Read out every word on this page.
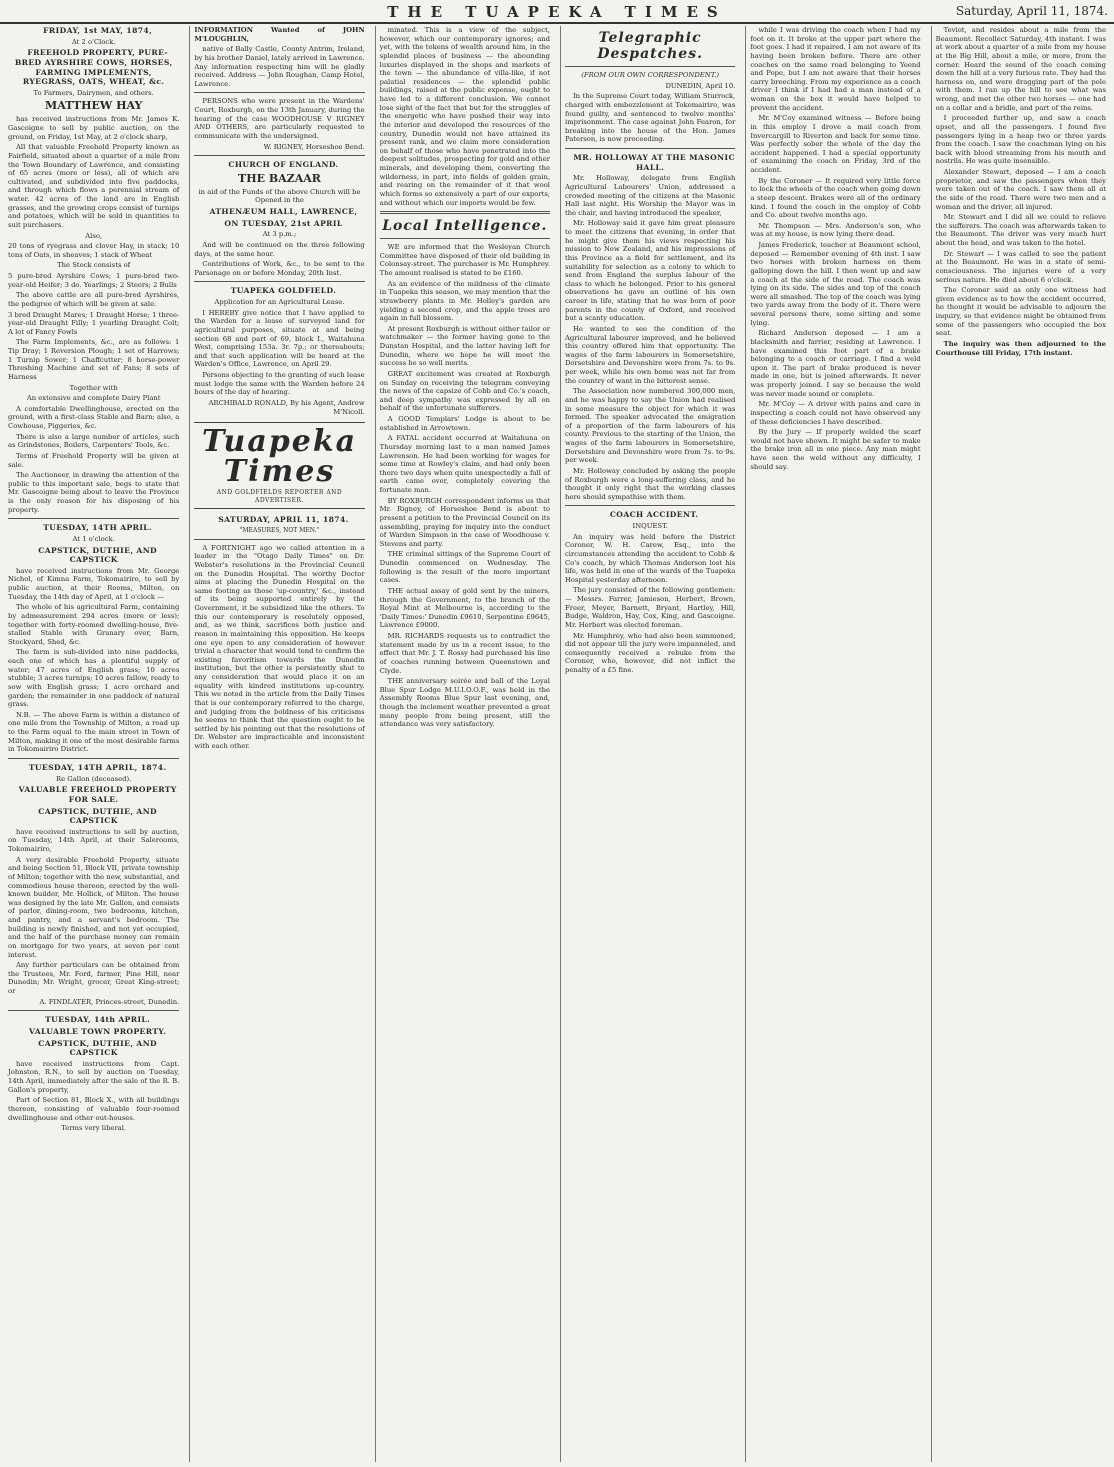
THE TUAPEKA TIMES	Saturday, April 11, 1874.

FRIDAY, 1st MAY, 1874,

At 2 o'Clock.

FREEHOLD PROPERTY, PURE-BRED AYRSHIRE COWS, HORSES, FARMING IMPLEMENTS, RYEGRASS, OATS, WHEAT, &c.

To Farmers, Dairymen, and others.

MATTHEW HAY

has received instructions from Mr. James K. Gascoigne to sell by public auction, on the ground, on Friday, 1st May, at 2 o'clock sharp,

All that valuable Freehold Property known as Fairfield, situated about a quarter of a mile from the Town Boundary of Lawrence, and consisting of 65 acres (more or less), all of which are cultivated, and subdivided into five paddocks, and through which flows a perennial stream of water. 42 acres of the land are in English grasses, and the growing crops consist of turnips and potatoes, which will be sold in quantities to suit purchasers.

Also,

20 tons of ryegrass and clover Hay, in stack; 10 tons of Oats, in sheaves; 1 stack of Wheat

The Stock consists of

5 pure-bred Ayrshire Cows; 1 pure-bred two-year-old Heifer; 3 do. Yearlings; 2 Steers; 2 Bulls

The above cattle are all pure-bred Ayrshires, the pedigree of which will be given at sale.

3 bred Draught Mares; 1 Draught Horse; 1 three-year-old Draught Filly; 1 yearling Draught Colt; A lot of Fancy Fowls

The Farm Implements, &c., are as follows: 1 Tip Dray; 1 Reversion Plough; 1 set of Harrows; 1 Turnip Sower; 1 Chaffcutter; 8 horse-power Threshing Machine and set of Fans; 8 sets of Harness

Together with

An extensive and complete Dairy Plant

A comfortable Dwellinghouse, erected on the ground, with a first-class Stable and Barn; also, a Cowhouse, Piggeries, &c.

There is also a large number of articles, such as Grindstones, Boilers, Carpenters' Tools, &c.

Terms of Freehold Property will be given at sale.

The Auctioneer, in drawing the attention of the public to this important sale, begs to state that Mr. Gascoigne being about to leave the Province is the only reason for his disposing of his property.

TUESDAY, 14TH APRIL.

At 1 o'clock.

CAPSTICK, DUTHIE, AND CAPSTICK

have received instructions from Mr. George Nichol, of Kimna Farm, Tokomairiro, to sell by public auction, at their Rooms, Milton, on Tuesday, the 14th day of April, at 1 o'clock —

The whole of his agricultural Farm, containing by admeasurement 294 acres (more or less); together with forty-roomed dwelling-house, five-stalled Stable with Granary over, Barn, Stockyard, Shed, &c.

The farm is sub-divided into nine paddocks, each one of which has a plentiful supply of water; 47 acres of English grass; 10 acres stubble; 3 acres turnips; 10 acres fallow, ready to sow with English grass; 1 acre orchard and garden; the remainder in one paddock of natural grass.

N.B. — The above Farm is within a distance of one mile from the Township of Milton, a road up to the Farm equal to the main street in Town of Milton, making it one of the most desirable farms in Tokomairiro District.

TUESDAY, 14TH APRIL, 1874.

Re Gallon (deceased).

VALUABLE FREEHOLD PROPERTY FOR SALE.

CAPSTICK, DUTHIE, AND CAPSTICK

have received instructions to sell by auction, on Tuesday, 14th April, at their Salerooms, Tokomairiro,

A very desirable Freehold Property, situate and being Section 51, Block VII, private township of Milton; together with the new, substantial, and commodious house thereon, erected by the well-known builder, Mr. Hollick, of Milton. The house was designed by the late Mr. Gallon, and consists of parlor, dining-room, two bedrooms, kitchen, and pantry, and a servant's bedroom. The building is newly finished, and not yet occupied, and the half of the purchase money can remain on mortgage for two years, at seven per cent interest.

Any further particulars can be obtained from the Trustees, Mr. Ford, farmer, Pine Hill, near Dunedin; Mr. Wright, grocer, Great King-street; or

A. FINDLATER, Princes-street, Dunedin.

TUESDAY, 14th APRIL.

VALUABLE TOWN PROPERTY.

CAPSTICK, DUTHIE, AND CAPSTICK

have received instructions from Capt. Johnston, R.N., to sell by auction on Tuesday, 14th April, immediately after the sale of the R. B. Gallon's property,

Part of Section 81, Block X., with all buildings thereon, consisting of valuable four-roomed dwellinghouse and other out-houses.

Terms very liberal.

INFORMATION Wanted of JOHN M'LOUGHLIN,

native of Bally Castle, County Antrim, Ireland, by his brother Daniel, lately arrived in Lawrence. Any information respecting him will be gladly received. Address — John Roughan, Camp Hotel, Lawrence.

PERSONS who were present in the Wardens' Court, Roxburgh, on the 13th January, during the hearing of the case WOODHOUSE V RIGNEY AND OTHERS, are particularly requested to communicate with the undersigned.

W. RIGNEY, Horseshoe Bend.

CHURCH OF ENGLAND.

THE BAZAAR

in aid of the Funds of the above Church will be Opened in the

ATHENÆUM HALL, LAWRENCE,

ON TUESDAY, 21st APRIL

At 3 p.m.;

And will be continued on the three following days, at the same hour.

Contributions of Work, &c., to be sent to the Parsonage on or before Monday, 20th Inst.

TUAPEKA GOLDFIELD.

Application for an Agricultural Lease.

I HEREBY give notice that I have applied to the Warden for a lease of surveyed land for agricultural purposes, situate at and being section 68 and part of 69, block I., Waitahuna West, comprising 153a. 3r. 7p.; or thereabouts; and that such application will be heard at the Warden's Office, Lawrence, on April 29.

Persons objecting to the granting of such lease must lodge the same with the Warden before 24 hours of the day of hearing.

ARCHIBALD RONALD, By his Agent, Andrew M'Nicoll.

Tuapeka Times
AND GOLDFIELDS REPORTER AND ADVERTISER.

SATURDAY, APRIL 11, 1874.

"MEASURES, NOT MEN."

A FORTNIGHT ago we called attention in a leader in the "Otago Daily Times" on Dr. Webster's resolutions in the Provincial Council on the Dunedin Hospital. The worthy Doctor aims at placing the Dunedin Hospital on the same footing as those 'up-country,' &c., instead of its being supported entirely by the Government, it be subsidized like the others. To this our contemporary is resolutely opposed, and, as we think, sacrifices both justice and reason in maintaining this opposition. He keeps one eye open to any consideration of however trivial a character that would tend to confirm the existing favoritism towards the Dunedin institution, but the other is persistently shut to any consideration that would place it on an equality with kindred institutions up-country. This we noted in the article from the Daily Times that is our contemporary referred to the charge, and judging from the boldness of his criticisms he seems to think that the question ought to be settled by his pointing out that the resolutions of Dr. Webster are impracticable and inconsistent with each other.

minated. This is a view of the subject, however, which our contemporary ignores; and yet, with the tokens of wealth around him, in the splendid places of business — the abounding luxuries displayed in the shops and markets of the town — the abundance of villa-like, if not palatial residences — the splendid public buildings, raised at the public expense, ought to have led to a different conclusion. We cannot lose sight of the fact that but for the struggles of the energetic who have pushed their way into the interior and developed the resources of the country, Dunedin would not have attained its present rank, and we claim more consideration on behalf of those who have penetrated into the deepest solitudes, prospecting for gold and other minerals, and developing them, converting the wilderness, in part, into fields of golden grain, and rearing on the remainder of it that wool which forms so extensively a part of our exports, and without which our imports would be few.

Local Intelligence.

WE are informed that the Wesleyan Church Committee have disposed of their old building in Colonsay-street. The purchaser is Mr. Humphrey. The amount realised is stated to be £160.

As an evidence of the mildness of the climate in Tuapeka this season, we may mention that the strawberry plants in Mr. Holley's garden are yielding a second crop, and the apple trees are again in full blossom.

At present Roxburgh is without either tailor or watchmaker — the former having gone to the Dunstan Hospital, and the latter having left for Dunedin, where we hope he will meet the success he so well merits.

GREAT excitement was created at Roxburgh on Sunday on receiving the telegram conveying the news of the capsize of Cobb and Co.'s coach, and deep sympathy was expressed by all on behalf of the unfortunate sufferers.

A GOOD Templars' Lodge is about to be established in Arrowtown.

A FATAL accident occurred at Waitahuna on Thursday morning last to a man named James Lawrenson. He had been working for wages for some time at Rowley's claim, and had only been there two days when quite unexpectedly a fall of earth came over, completely covering the fortunate man.

BY ROXBURGH correspondent informs us that Mr. Rigney, of Horseshoe Bend is about to present a petition to the Provincial Council on its assembling, praying for inquiry into the conduct of Warden Simpson in the case of Woodhouse v. Stevens and party.

THE criminal sittings of the Supreme Court of Dunedin commenced on Wednesday. The following is the result of the more important cases.

THE actual assay of gold sent by the miners, through the Government, to the branch of the Royal Mint at Melbourne is, according to the 'Daily Times:' Dunedin £9610, Serpentine £9645, Lawrence £9000.

MR. RICHARDS requests us to contradict the statement made by us in a recent issue, to the effect that Mr. J. T. Rossy had purchased his line of coaches running between Queenstown and Clyde.

THE anniversary soirée and ball of the Loyal Blue Spur Lodge M.U.I.O.O.F., was held in the Assembly Rooms Blue Spur last evening, and, though the inclement weather prevented a great many people from being present, still the attendance was very satisfactory.

Telegraphic Despatches.

(FROM OUR OWN CORRESPONDENT.)

DUNEDIN, April 10.

In the Supreme Court today, William Sturrock, charged with embezzlement at Tokomairiro, was found guilty, and sentenced to twelve months' imprisonment. The case against John Fearon, for breaking into the house of the Hon. James Paterson, is now proceeding.

MR. HOLLOWAY AT THE MASONIC HALL.

Mr. Holloway, delegate from English Agricultural Labourers' Union, addressed a crowded meeting of the citizens at the Masonic Hall last night. His Worship the Mayor was in the chair, and having introduced the speaker,

Mr. Holloway said it gave him great pleasure to meet the citizens that evening, in order that he might give them his views respecting his mission to New Zealand, and his impressions of this Province as a field for settlement, and its suitability for selection as a colony to which to send from England the surplus labour of the class to which he belonged. Prior to his general observations he gave an outline of his own career in life, stating that he was born of poor parents in the county of Oxford, and received but a scanty education.

He wanted to see the condition of the Agricultural labourer improved, and he believed this country offered him that opportunity. The wages of the farm labourers in Somersetshire, Dorsetshire and Devonshire were from 7s. to 9s. per week, while his own home was not far from the country of want in the bitterest sense.

The Association now numbered 300,000 men, and he was happy to say the Union had realised in some measure the object for which it was formed. The speaker advocated the emigration of a proportion of the farm labourers of his county. Previous to the starting of the Union, the wages of the farm labourers in Somersetshire, Dorsetshire and Devonshire were from 7s. to 9s. per week.

Mr. Holloway concluded by asking the people of Roxburgh were a long-suffering class, and he thought it only right that the working classes here should sympathise with them.

COACH ACCIDENT.

INQUEST.

An inquiry was held before the District Coroner, W. H. Carew, Esq., into the circumstances attending the accident to Cobb & Co's coach, by which Thomas Anderson lost his life, was held in one of the wards of the Tuapeka Hospital yesterday afternoon.

The jury consisted of the following gentlemen: — Messrs. Farrer, Jamieson, Herbert, Brown, Freer, Meyer, Barnett, Bryant, Hartley, Hill, Budge, Waldron, Hay, Cox, King, and Gascoigne. Mr. Herbert was elected foreman.

Mr. Humphrey, who had also been summoned, did not appear till the jury were impanneled, and consequently received a rebuke from the Coroner, who, however, did not inflict the penalty of a £5 fine.

while I was driving the coach when I had my foot on it. It broke at the upper part where the foot goes. I had it repaired. I am not aware of its having been broken before. There are other coaches on the same road belonging to Yeend and Pope, but I am not aware that their horses carry breeching. From my experience as a coach driver I think if I had had a man instead of a woman on the box it would have helped to prevent the accident.

Mr. M'Coy examined witness — Before being in this employ I drove a mail coach from Invercargill to Riverton and back for some time. Was perfectly sober the whole of the day the accident happened. I had a special opportunity of examining the coach on Friday, 3rd of the accident.

By the Coroner — It required very little force to lock the wheels of the coach when going down a steep descent. Brakes were all of the ordinary kind. I found the coach in the employ of Cobb and Co. about twelve months ago.

Mr. Thompson — Mrs. Anderson's son, who was at my house, is now lying there dead.

James Frederick, teacher at Beaumont school, deposed — Remember evening of 4th inst. I saw two horses with broken harness on them galloping down the hill. I then went up and saw a coach at the side of the road. The coach was lying on its side. The sides and top of the coach were all smashed. The top of the coach was lying two yards away from the body of it. There were several persons there, some sitting and some lying.

Richard Anderson deposed — I am a blacksmith and farrier, residing at Lawrence. I have examined this foot part of a brake belonging to a coach or carriage. I find a weld upon it. The part of brake produced is never made in one, but is joined afterwards. It never was properly joined. I say so because the weld was never made sound or complete.

Mr. M'Coy — A driver with pains and care in inspecting a coach could not have observed any of these deficiencies I have described.

By the Jury — If properly welded the scarf would not have shown. It might be safer to make the brake iron all in one piece. Any man might have seen the weld without any difficulty, I should say.

Teviot, and resides about a mile from the Beaumont. Recollect Saturday, 4th instant. I was at work about a quarter of a mile from my house at the Big Hill, about a mile, or more, from the corner. Heard the sound of the coach coming down the hill at a very furious rate. They had the harness on, and were dragging part of the pole with them. I ran up the hill to see what was wrong, and met the other two horses — one had on a collar and a bridle, and part of the reins.

I proceeded further up, and saw a coach upset, and all the passengers. I found five passengers lying in a heap two or three yards from the coach. I saw the coachman lying on his back with blood streaming from his mouth and nostrils. He was quite insensible.

Alexander Stewart, deposed — I am a coach proprietor, and saw the passengers when they were taken out of the coach. I saw them all at the side of the road. There were two men and a woman and the driver, all injured.

Mr. Stewart and I did all we could to relieve the sufferers. The coach was afterwards taken to the Beaumont. The driver was very much hurt about the head, and was taken to the hotel.

Dr. Stewart — I was called to see the patient at the Beaumont. He was in a state of semi-consciousness. The injuries were of a very serious nature. He died about 6 o'clock.

The Coroner said as only one witness had given evidence as to how the accident occurred, he thought it would be advisable to adjourn the inquiry, so that evidence might be obtained from some of the passengers who occupied the box seat.

The inquiry was then adjourned to the Courthouse till Friday, 17th instant.
